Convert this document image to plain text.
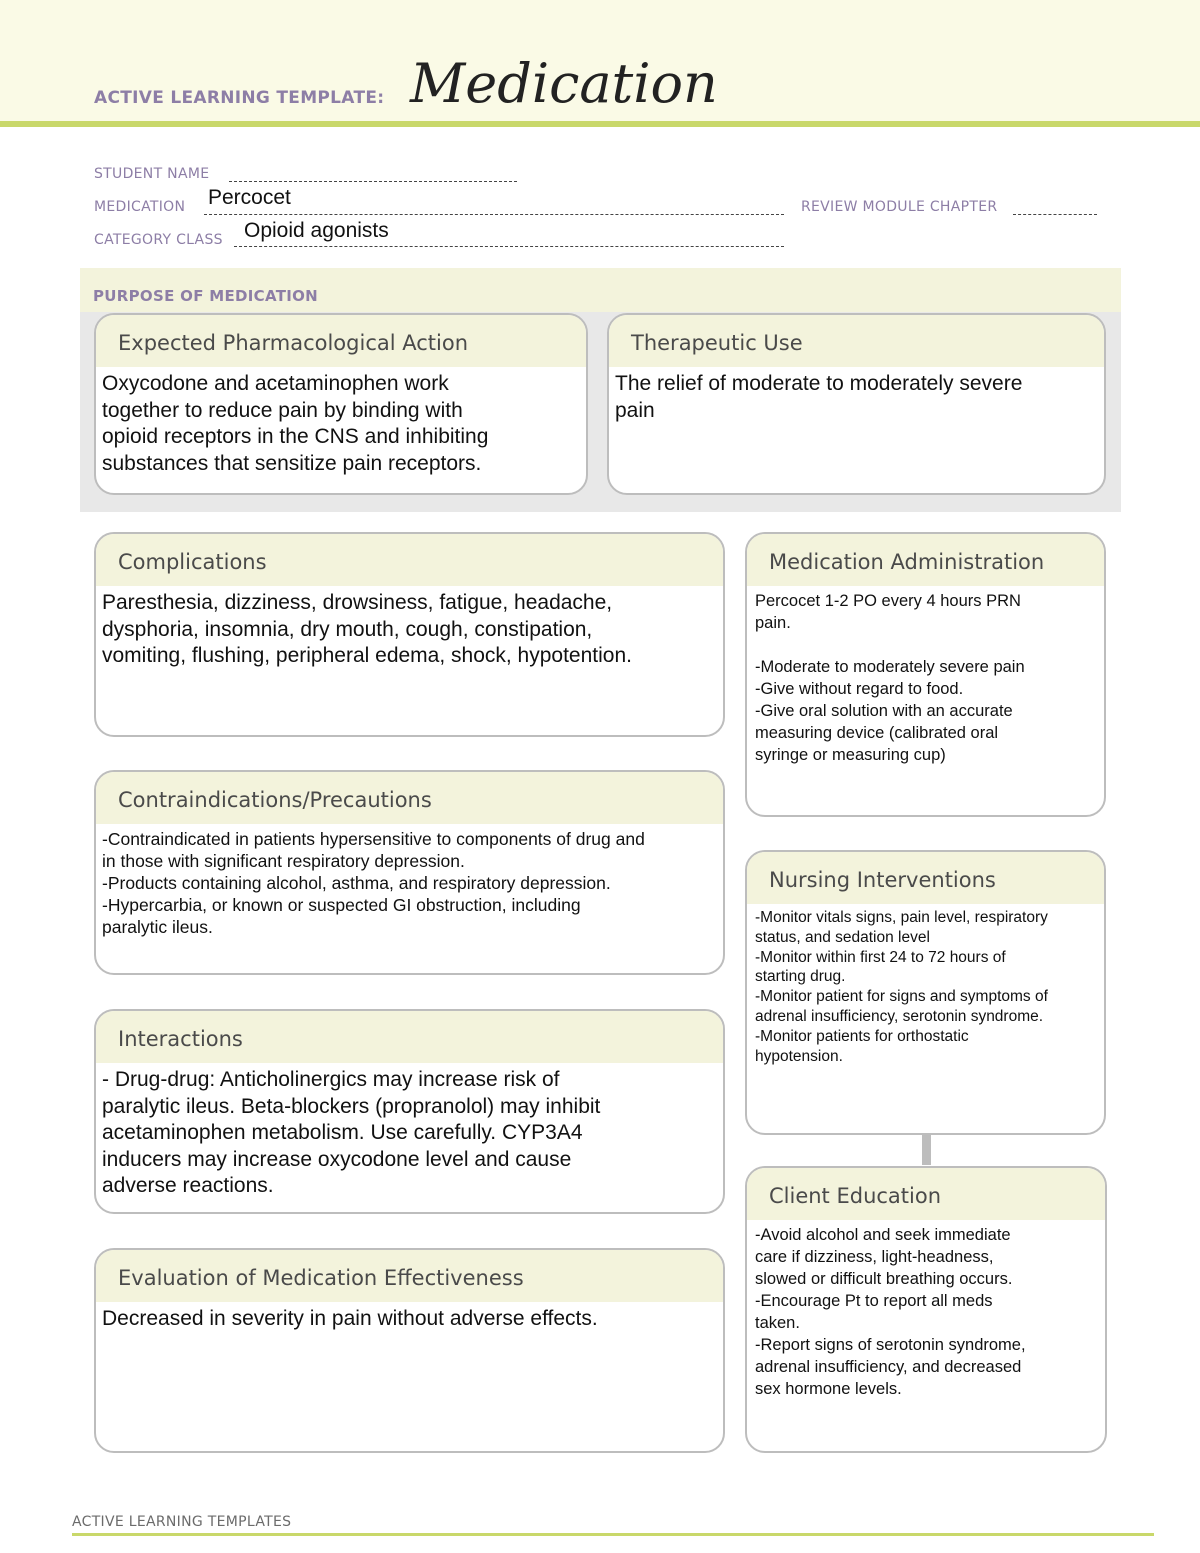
ACTIVE LEARNING TEMPLATE: Medication
STUDENT NAME
MEDICATION Percocet	REVIEW MODULE CHAPTER
CATEGORY CLASS Opioid agonists
PURPOSE OF MEDICATION
Expected Pharmacological Action
Oxycodone and acetaminophen work
together to reduce pain by binding with
opioid receptors in the CNS and inhibiting
substances that sensitize pain receptors.
Therapeutic Use
The relief of moderate to moderately severe
pain
Complications
Paresthesia, dizziness, drowsiness, fatigue, headache,
dysphoria, insomnia, dry mouth, cough, constipation,
vomiting, flushing, peripheral edema, shock, hypotention.
Contraindications/Precautions
-Contraindicated in patients hypersensitive to components of drug and
in those with significant respiratory depression.
-Products containing alcohol, asthma, and respiratory depression.
-Hypercarbia, or known or suspected GI obstruction, including
paralytic ileus.
Interactions
- Drug-drug: Anticholinergics may increase risk of
paralytic ileus. Beta-blockers (propranolol) may inhibit
acetaminophen metabolism. Use carefully. CYP3A4
inducers may increase oxycodone level and cause
adverse reactions.
Evaluation of Medication Effectiveness
Decreased in severity in pain without adverse effects.
Medication Administration
Percocet 1-2 PO every 4 hours PRN
pain.

-Moderate to moderately severe pain
-Give without regard to food.
-Give oral solution with an accurate
measuring device (calibrated oral
syringe or measuring cup)
Nursing Interventions
-Monitor vitals signs, pain level, respiratory
status, and sedation level
-Monitor within first 24 to 72 hours of
starting drug.
-Monitor patient for signs and symptoms of
adrenal insufficiency, serotonin syndrome.
-Monitor patients for orthostatic
hypotension.
Client Education
-Avoid alcohol and seek immediate
care if dizziness, light-headness,
slowed or difficult breathing occurs.
-Encourage Pt to report all meds
taken.
-Report signs of serotonin syndrome,
adrenal insufficiency, and decreased
sex hormone levels.
ACTIVE LEARNING TEMPLATES
